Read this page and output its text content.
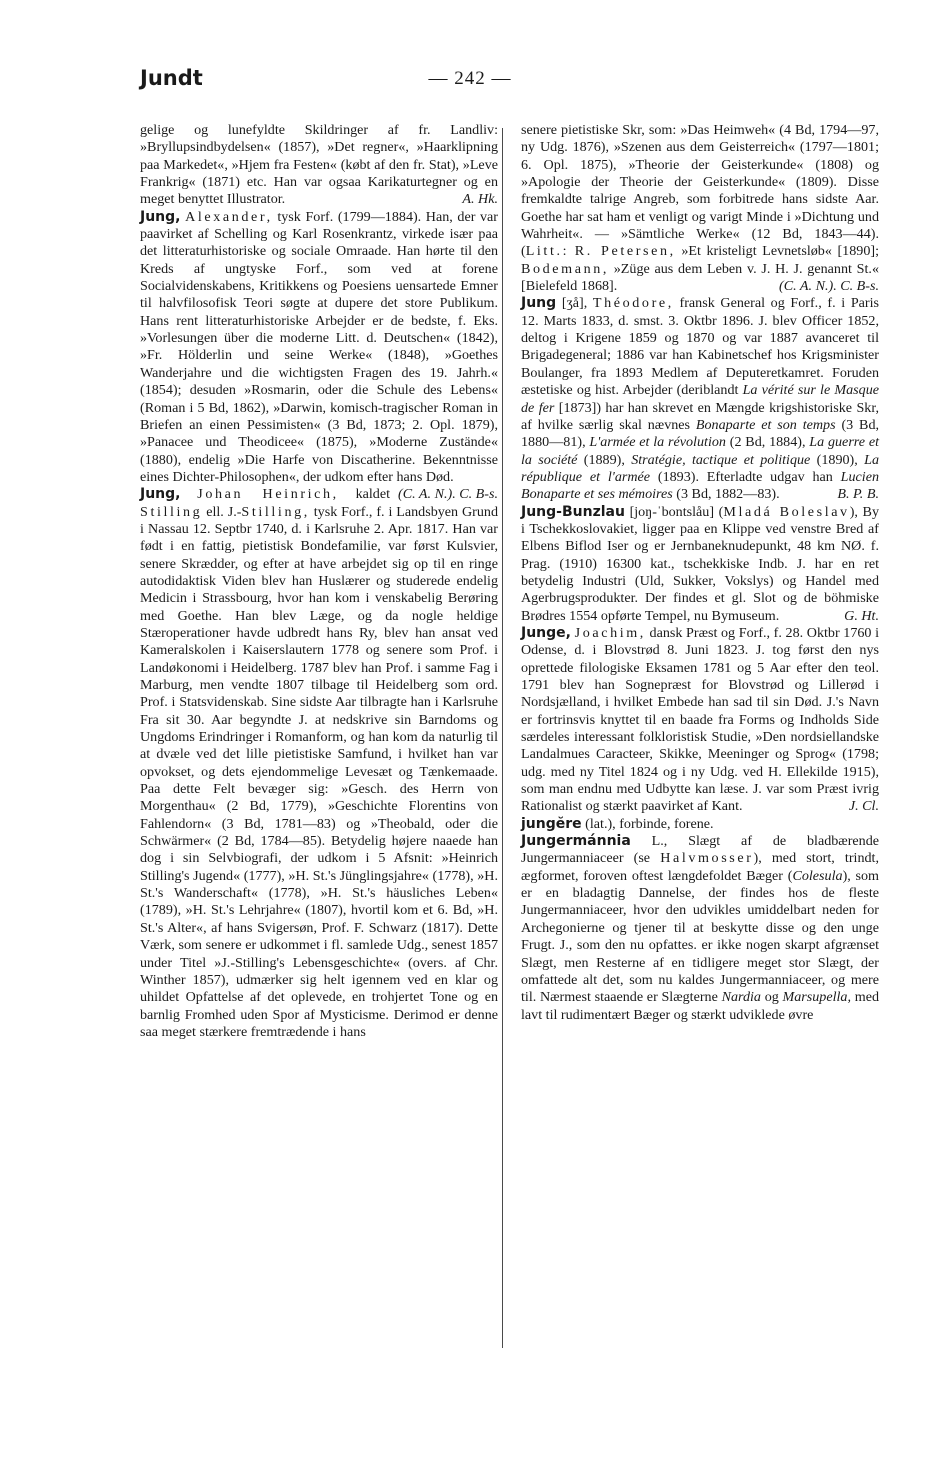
Jundt	— 242 —

gelige og lunefyldte Skildringer af fr. Landliv: »Bryllupsindbydelsen« (1857), »Det regner«, »Haarklipning paa Markedet«, »Hjem fra Festen« (købt af den fr. Stat), »Leve Frankrig« (1871) etc. Han var ogsaa Karikaturtegner og en meget benyttet Illustrator.	A. Hk.

Jung, Alexander, tysk Forf. (1799—1884). Han, der var paavirket af Schelling og Karl Rosenkrantz, virkede især paa det litteraturhistoriske og sociale Omraade. Han hørte til den Kreds af ungtyske Forf., som ved at forene Socialvidenskabens, Kritikkens og Poesiens uensartede Emner til halvfilosofisk Teori søgte at dupere det store Publikum. Hans rent litteraturhistoriske Arbejder er de bedste, f. Eks. »Vorlesungen über die moderne Litt. d. Deutschen« (1842), »Fr. Hölderlin und seine Werke« (1848), »Goethes Wanderjahre und die wichtigsten Fragen des 19. Jahrh.« (1854); desuden »Rosmarin, oder die Schule des Lebens« (Roman i 5 Bd, 1862), »Darwin, komisch-tragischer Roman in Briefen an einen Pessimisten« (3 Bd, 1873; 2. Opl. 1879), »Panacee und Theodicee« (1875), »Moderne Zustände« (1880), endelig »Die Harfe von Discatherine. Bekenntnisse eines Dichter-Philosophen«, der udkom efter hans Død.
(C. A. N.). C. B-s.

Jung, Johan Heinrich, kaldet Stilling ell. J.-Stilling, tysk Forf., f. i Landsbyen Grund i Nassau 12. Septbr 1740, d. i Karlsruhe 2. Apr. 1817. Han var født i en fattig, pietistisk Bondefamilie, var først Kulsvier, senere Skrædder, og efter at have arbejdet sig op til en ringe autodidaktisk Viden blev han Huslærer og studerede endelig Medicin i Strassbourg, hvor han kom i venskabelig Berøring med Goethe. Han blev Læge, og da nogle heldige Stæroperationer havde udbredt hans Ry, blev han ansat ved Kameralskolen i Kaiserslautern 1778 og senere som Prof. i Landøkonomi i Heidelberg. 1787 blev han Prof. i samme Fag i Marburg, men vendte 1807 tilbage til Heidelberg som ord. Prof. i Statsvidenskab. Sine sidste Aar tilbragte han i Karlsruhe Fra sit 30. Aar begyndte J. at nedskrive sin Barndoms og Ungdoms Erindringer i Romanform, og han kom da naturlig til at dvæle ved det lille pietistiske Samfund, i hvilket han var opvokset, og dets ejendommelige Levesæt og Tænkemaade. Paa dette Felt bevæger sig: »Gesch. des Herrn von Morgenthau« (2 Bd, 1779), »Geschichte Florentins von Fahlendorn« (3 Bd, 1781—83) og »Theobald, oder die Schwärmer« (2 Bd, 1784—85). Betydelig højere naaede han dog i sin Selvbiografi, der udkom i 5 Afsnit: »Heinrich Stilling's Jugend« (1777), »H. St.'s Jünglingsjahre« (1778), »H. St.'s Wanderschaft« (1778), »H. St.'s häusliches Leben« (1789), »H. St.'s Lehrjahre« (1807), hvortil kom et 6. Bd, »H. St.'s Alter«, af hans Svigersøn, Prof. F. Schwarz (1817). Dette Værk, som senere er udkommet i fl. samlede Udg., senest 1857 under Titel »J.-Stilling's Lebensgeschichte« (overs. af Chr. Winther 1857), udmærker sig helt igennem ved en klar og uhildet Opfattelse af det oplevede, en trohjertet Tone og en barnlig Fromhed uden Spor af Mysticisme. Derimod er denne saa meget stærkere fremtrædende i hans

senere pietistiske Skr, som: »Das Heimweh« (4 Bd, 1794—97, ny Udg. 1876), »Szenen aus dem Geisterreich« (1797—1801; 6. Opl. 1875), »Theorie der Geisterkunde« (1808) og »Apologie der Theorie der Geisterkunde« (1809). Disse fremkaldte talrige Angreb, som forbitrede hans sidste Aar. Goethe har sat ham et venligt og varigt Minde i »Dichtung und Wahrheit«. — »Sämtliche Werke« (12 Bd, 1843—44). (Litt.: R. Petersen, »Et kristeligt Levnetsløb« [1890]; Bodemann, »Züge aus dem Leben v. J. H. J. genannt St.« [Bielefeld 1868].	(C. A. N.). C. B-s.

Jung [ʒå], Théodore, fransk General og Forf., f. i Paris 12. Marts 1833, d. smst. 3. Oktbr 1896. J. blev Officer 1852, deltog i Krigene 1859 og 1870 og var 1887 avanceret til Brigadegeneral; 1886 var han Kabinetschef hos Krigsminister Boulanger, fra 1893 Medlem af Deputeretkamret. Foruden æstetiske og hist. Arbejder (deriblandt La vérité sur le Masque de fer [1873]) har han skrevet en Mængde krigshistoriske Skr, af hvilke særlig skal nævnes Bonaparte et son temps (3 Bd, 1880—81), L'armée et la révolution (2 Bd, 1884), La guerre et la société (1889), Stratégie, tactique et politique (1890), La république et l'armée (1893). Efterladte udgav han Lucien Bonaparte et ses mémoires (3 Bd, 1882—83).	B. P. B.

Jung-Bunzlau [joŋ-ˈbontslåu] (Mladá Boleslav), By i Tschekkoslovakiet, ligger paa en Klippe ved venstre Bred af Elbens Biflod Iser og er Jernbaneknudepunkt, 48 km NØ. f. Prag. (1910) 16300 kat., tschekkiske Indb. J. har en ret betydelig Industri (Uld, Sukker, Vokslys) og Handel med Agerbrugsprodukter. Der findes et gl. Slot og de böhmiske Brødres 1554 opførte Tempel, nu Bymuseum.	G. Ht.

Junge, Joachim, dansk Præst og Forf., f. 28. Oktbr 1760 i Odense, d. i Blovstrød 8. Juni 1823. J. tog først den nys oprettede filologiske Eksamen 1781 og 5 Aar efter den teol. 1791 blev han Sognepræst for Blovstrød og Lillerød i Nordsjælland, i hvilket Embede han sad til sin Død. J.'s Navn er fortrinsvis knyttet til en baade fra Forms og Indholds Side særdeles interessant folkloristisk Studie, »Den nordsiellandske Landalmues Caracteer, Skikke, Meeninger og Sprog« (1798; udg. med ny Titel 1824 og i ny Udg. ved H. Ellekilde 1915), som man endnu med Udbytte kan læse. J. var som Præst ivrig Rationalist og stærkt paavirket af Kant.	J. Cl.

jungĕre (lat.), forbinde, forene.

Jungermánnia L., Slægt af de bladbærende Jungermanniaceer (se Halvmosser), med stort, trindt, ægformet, foroven oftest længdefoldet Bæger (Colesula), som er en bladagtig Dannelse, der findes hos de fleste Jungermanniaceer, hvor den udvikles umiddelbart neden for Archegonierne og tjener til at beskytte disse og den unge Frugt. J., som den nu opfattes. er ikke nogen skarpt afgrænset Slægt, men Resterne af en tidligere meget stor Slægt, der omfattede alt det, som nu kaldes Jungermanniaceer, og mere til. Nærmest staaende er Slægterne Nardia og Marsupella, med lavt til rudimentært Bæger og stærkt udviklede øvre
